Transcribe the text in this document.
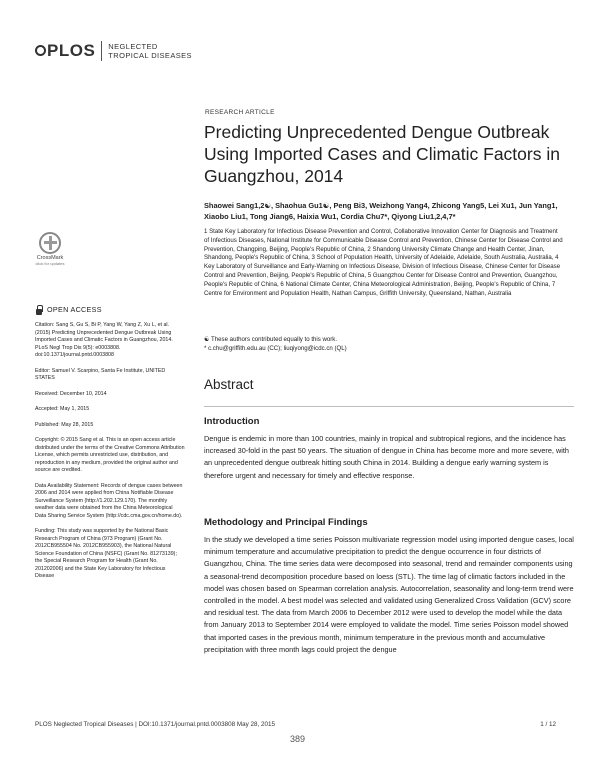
PLOS NEGLECTED
TROPICAL DISEASES
RESEARCH ARTICLE
Predicting Unprecedented Dengue Outbreak Using Imported Cases and Climatic Factors in Guangzhou, 2014
Shaowei Sang1,2☯, Shaohua Gu1☯, Peng Bi3, Weizhong Yang4, Zhicong Yang5, Lei Xu1, Jun Yang1, Xiaobo Liu1, Tong Jiang6, Haixia Wu1, Cordia Chu7*, Qiyong Liu1,2,4,7*
1 State Key Laboratory for Infectious Disease Prevention and Control, Collaborative Innovation Center for Diagnosis and Treatment of Infectious Diseases, National Institute for Communicable Disease Control and Prevention, Chinese Center for Disease Control and Prevention, Changping, Beijing, People's Republic of China, 2 Shandong University Climate Change and Health Center, Jinan, Shandong, People's Republic of China, 3 School of Population Health, University of Adelaide, Adelaide, South Australia, Australia, 4 Key Laboratory of Surveillance and Early-Warning on Infectious Disease, Division of Infectious Disease, Chinese Center for Disease Control and Prevention, Beijing, People's Republic of China, 5 Guangzhou Center for Disease Control and Prevention, Guangzhou, People's Republic of China, 6 National Climate Center, China Meteorological Administration, Beijing, People's Republic of China, 7 Centre for Environment and Population Health, Nathan Campus, Griffith University, Queensland, Nathan, Australia
☯ These authors contributed equally to this work.
* c.chu@griffith.edu.au (CC); liuqiyong@icdc.cn (QL)
CrossMark
click for updates
OPEN ACCESS
Citation: Sang S, Gu S, Bi P, Yang W, Yang Z, Xu L, et al. (2015) Predicting Unprecedented Dengue Outbreak Using Imported Cases and Climatic Factors in Guangzhou, 2014. PLoS Negl Trop Dis 9(5): e0003808. doi:10.1371/journal.pntd.0003808
Editor: Samuel V. Scarpino, Santa Fe Institute, UNITED STATES
Received: December 10, 2014
Accepted: May 1, 2015
Published: May 28, 2015
Copyright: © 2015 Sang et al. This is an open access article distributed under the terms of the Creative Commons Attribution License, which permits unrestricted use, distribution, and reproduction in any medium, provided the original author and source are credited.
Data Availability Statement: Records of dengue cases between 2006 and 2014 were applied from China Notifiable Disease Surveillance System (http://1.202.129.170). The monthly weather data were obtained from the China Meteorological Data Sharing Service System (http://cdc.cma.gov.cn/home.do).
Funding: This study was supported by the National Basic Research Program of China (973 Program) (Grant No. 2012CB955504 No. 2012CB955903), the National Natural Science Foundation of China (NSFC) (Grant No. 81273139); the Special Research Program for Health (Grant No. 201202006) and the State Key Laboratory for Infectious Disease
Abstract
Introduction
Dengue is endemic in more than 100 countries, mainly in tropical and subtropical regions, and the incidence has increased 30-fold in the past 50 years. The situation of dengue in China has become more and more severe, with an unprecedented dengue outbreak hitting south China in 2014. Building a dengue early warning system is therefore urgent and necessary for timely and effective response.
Methodology and Principal Findings
In the study we developed a time series Poisson multivariate regression model using imported dengue cases, local minimum temperature and accumulative precipitation to predict the dengue occurrence in four districts of Guangzhou, China. The time series data were decomposed into seasonal, trend and remainder components using a seasonal-trend decomposition procedure based on loess (STL). The time lag of climatic factors included in the model was chosen based on Spearman correlation analysis. Autocorrelation, seasonality and long-term trend were controlled in the model. A best model was selected and validated using Generalized Cross Validation (GCV) score and residual test. The data from March 2006 to December 2012 were used to develop the model while the data from January 2013 to September 2014 were employed to validate the model. Time series Poisson model showed that imported cases in the previous month, minimum temperature in the previous month and accumulative precipitation with three month lags could project the dengue
PLOS Neglected Tropical Diseases | DOI:10.1371/journal.pntd.0003808 May 28, 2015	1 / 12
389
